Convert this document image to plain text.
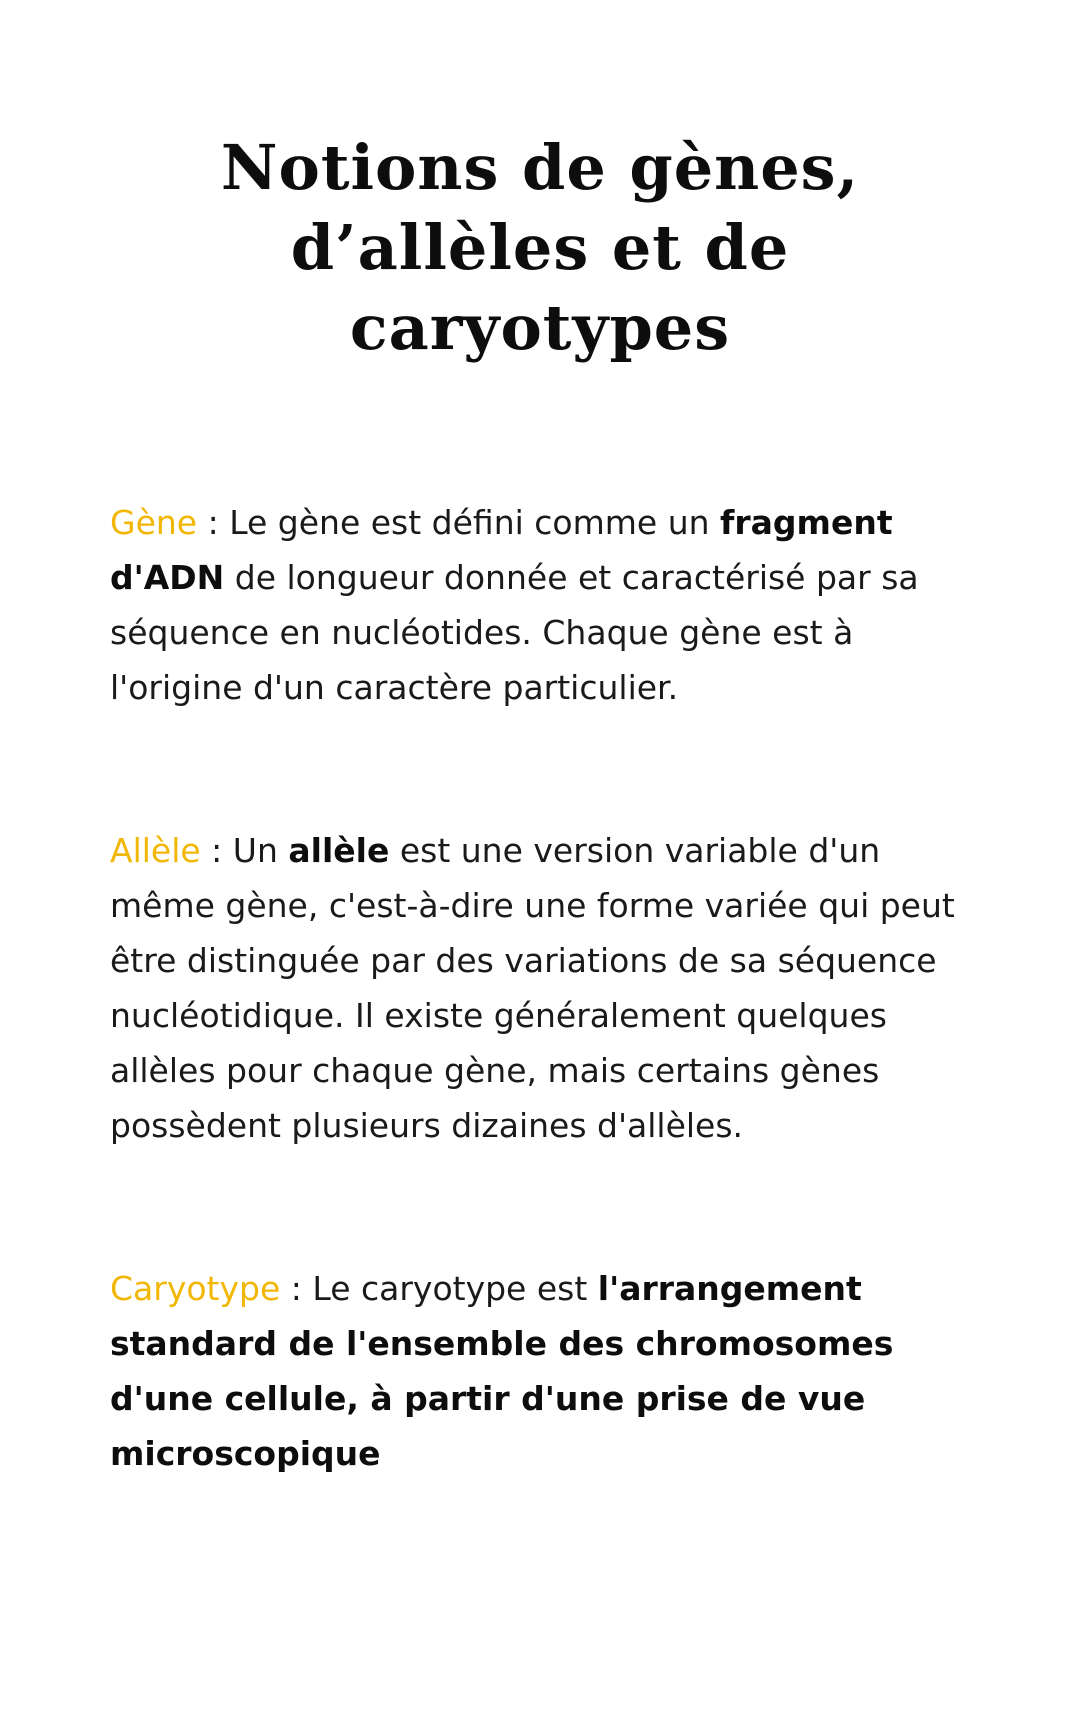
Notions de gènes,
d’allèles et de
caryotypes

Gène : Le gène est défini comme un fragment d'ADN de longueur donnée et caractérisé par sa séquence en nucléotides. Chaque gène est à l'origine d'un caractère particulier.

Allèle : Un allèle est une version variable d'un même gène, c'est-à-dire une forme variée qui peut être distinguée par des variations de sa séquence nucléotidique. Il existe généralement quelques allèles pour chaque gène, mais certains gènes possèdent plusieurs dizaines d'allèles.

Caryotype : Le caryotype est l'arrangement standard de l'ensemble des chromosomes d'une cellule, à partir d'une prise de vue microscopique
